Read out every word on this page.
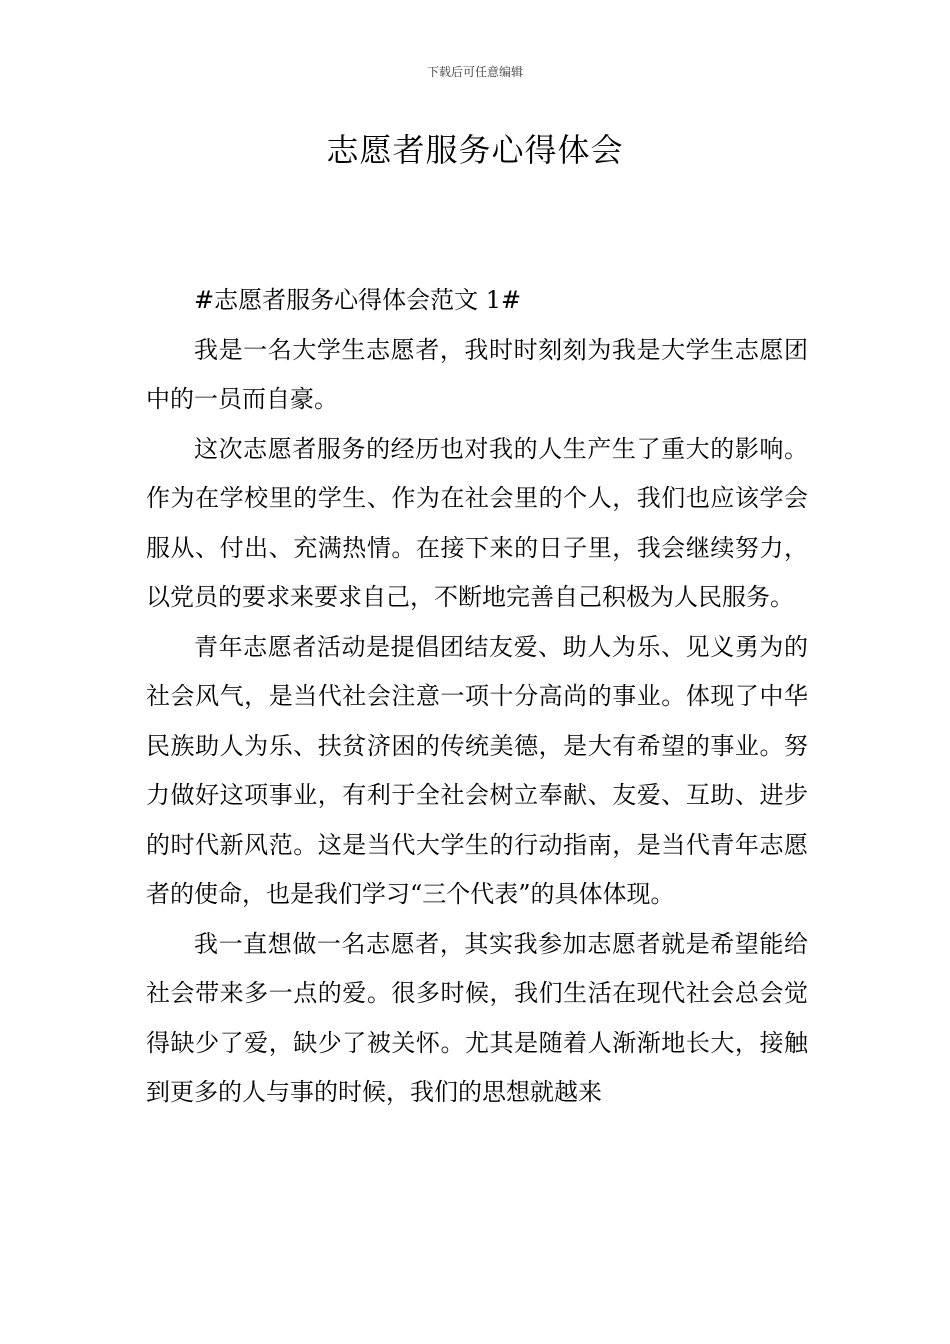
下载后可任意编辑
志愿者服务心得体会

#志愿者服务心得体会范文 1#

我是一名大学生志愿者，我时时刻刻为我是大学生志愿团中的一员而自豪。

这次志愿者服务的经历也对我的人生产生了重大的影响。作为在学校里的学生、作为在社会里的个人，我们也应该学会服从、付出、充满热情。在接下来的日子里，我会继续努力，以党员的要求来要求自己，不断地完善自己积极为人民服务。

青年志愿者活动是提倡团结友爱、助人为乐、见义勇为的社会风气，是当代社会注意一项十分高尚的事业。体现了中华民族助人为乐、扶贫济困的传统美德，是大有希望的事业。努力做好这项事业，有利于全社会树立奉献、友爱、互助、进步的时代新风范。这是当代大学生的行动指南，是当代青年志愿者的使命，也是我们学习“三个代表”的具体体现。

我一直想做一名志愿者，其实我参加志愿者就是希望能给社会带来多一点的爱。很多时候，我们生活在现代社会总会觉得缺少了爱，缺少了被关怀。尤其是随着人渐渐地长大，接触到更多的人与事的时候，我们的思想就越来
